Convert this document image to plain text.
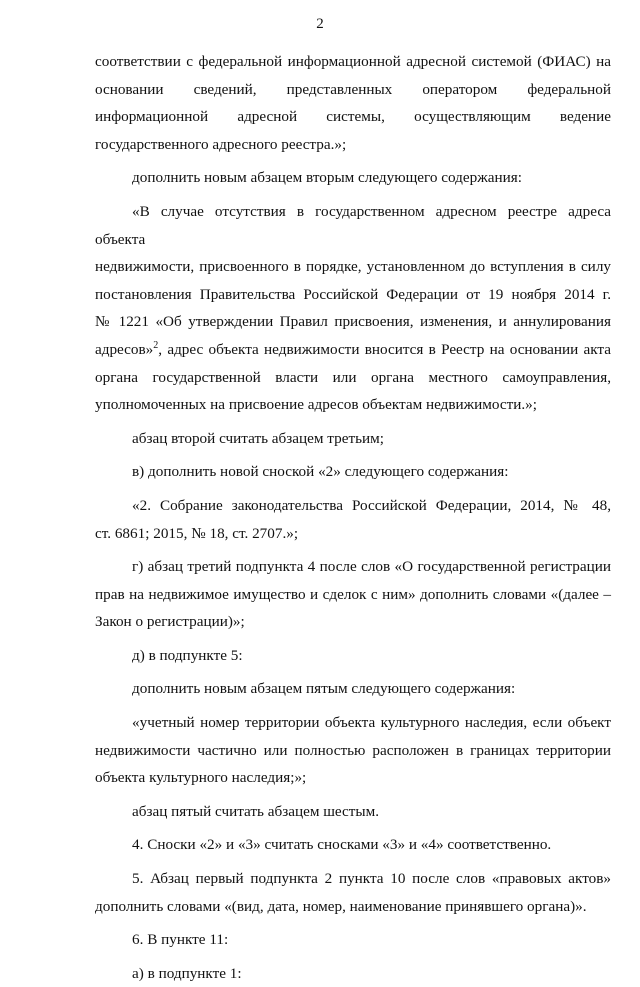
2

соответствии с федеральной информационной адресной системой (ФИАС) на
основании сведений, представленных оператором федеральной
информационной адресной системы, осуществляющим ведение
государственного адресного реестра.»;

дополнить новым абзацем вторым следующего содержания:

«В случае отсутствия в государственном адресном реестре адреса объекта
недвижимости, присвоенного в порядке, установленном до вступления в силу
постановления Правительства Российской Федерации от 19 ноября 2014 г.
№ 1221 «Об утверждении Правил присвоения, изменения, и аннулирования
адресов»$^2$, адрес объекта недвижимости вносится в Реестр на основании акта
органа государственной власти или органа местного самоуправления,
уполномоченных на присвоение адресов объектам недвижимости.»;

абзац второй считать абзацем третьим;

в) дополнить новой сноской «2» следующего содержания:

«2. Собрание законодательства Российской Федерации, 2014, № 48,
ст. 6861; 2015, № 18, ст. 2707.»;

г) абзац третий подпункта 4 после слов «О государственной регистрации
прав на недвижимое имущество и сделок с ним» дополнить словами «(далее –
Закон о регистрации)»;

д) в подпункте 5:

дополнить новым абзацем пятым следующего содержания:

«учетный номер территории объекта культурного наследия, если объект
недвижимости частично или полностью расположен в границах территории
объекта культурного наследия;»;

абзац пятый считать абзацем шестым.

4. Сноски «2» и «3» считать сносками «3» и «4» соответственно.

5. Абзац первый подпункта 2 пункта 10 после слов «правовых актов»
дополнить словами «(вид, дата, номер, наименование принявшего органа)».

6. В пункте 11:

а) в подпункте 1:
